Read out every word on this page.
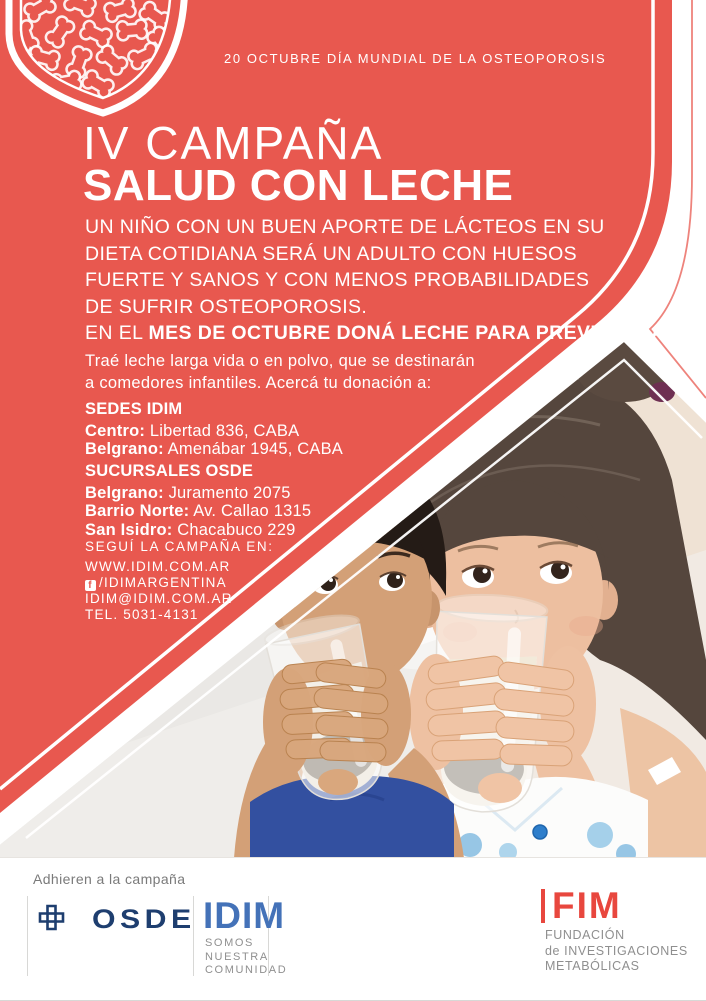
20 OCTUBRE DÍA MUNDIAL DE LA OSTEOPOROSIS
IV CAMPAÑA
SALUD CON LECHE
UN NIÑO CON UN BUEN APORTE DE LÁCTEOS EN SU
DIETA COTIDIANA SERÁ UN ADULTO CON HUESOS
FUERTE Y SANOS Y CON MENOS PROBABILIDADES
DE SUFRIR OSTEOPOROSIS.
EN EL MES DE OCTUBRE DONÁ LECHE PARA PREVENIRLA.
Traé leche larga vida o en polvo, que se destinarán
a comedores infantiles. Acercá tu donación a:
SEDES IDIM
Centro: Libertad 836, CABA
Belgrano: Amenábar 1945, CABA
SUCURSALES OSDE
Belgrano: Juramento 2075
Barrio Norte: Av. Callao 1315
San Isidro: Chacabuco 229
SEGUÍ LA CAMPAÑA EN:
WWW.IDIM.COM.AR
f /IDIMARGENTINA
IDIM@IDIM.COM.AR
TEL. 5031-4131
Adhieren a la campaña
OSDE IDIM
SOMOS
NUESTRA
COMUNIDAD
FIM
FUNDACIÓN
de INVESTIGACIONES
METABÓLICAS
